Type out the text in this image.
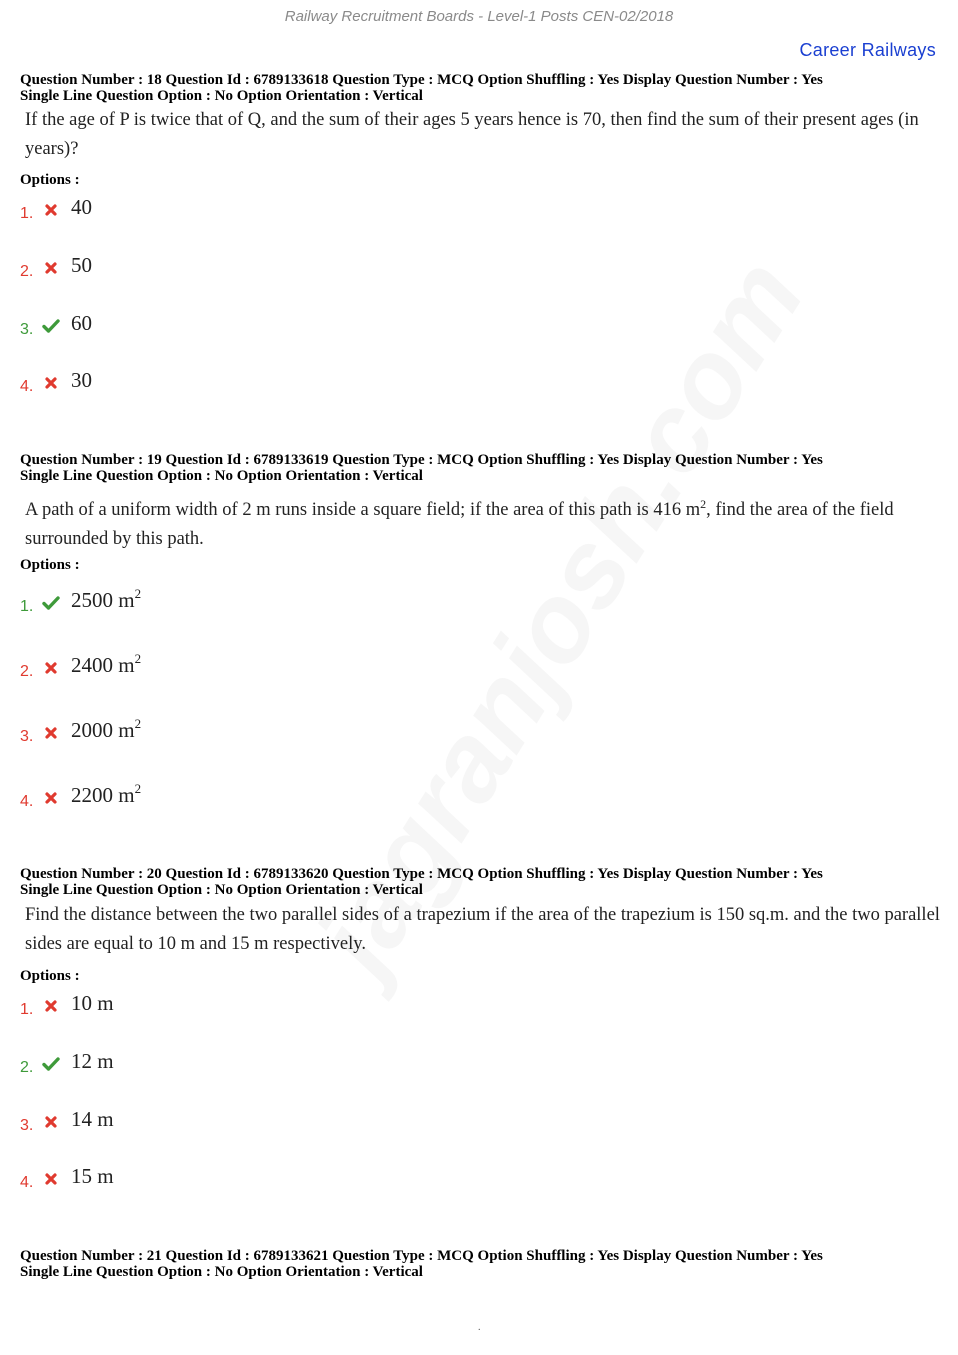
Railway Recruitment Boards - Level-1 Posts CEN-02/2018
Career Railways
Question Number : 18 Question Id : 6789133618 Question Type : MCQ Option Shuffling : Yes Display Question Number : Yes
Single Line Question Option : No Option Orientation : Vertical
If the age of P is twice that of Q, and the sum of their ages 5 years hence is 70, then find the sum of their present ages (in years)?
Options :
1. 40
2. 50
3. 60
4. 30
Question Number : 19 Question Id : 6789133619 Question Type : MCQ Option Shuffling : Yes Display Question Number : Yes
Single Line Question Option : No Option Orientation : Vertical
A path of a uniform width of 2 m runs inside a square field; if the area of this path is 416 $m^2$, find the area of the field surrounded by this path.
Options :
1. 2500 $m^2$
2. 2400 $m^2$
3. 2000 $m^2$
4. 2200 $m^2$
Question Number : 20 Question Id : 6789133620 Question Type : MCQ Option Shuffling : Yes Display Question Number : Yes
Single Line Question Option : No Option Orientation : Vertical
Find the distance between the two parallel sides of a trapezium if the area of the trapezium is 150 sq.m. and the two parallel sides are equal to 10 m and 15 m respectively.
Options :
1. 10 m
2. 12 m
3. 14 m
4. 15 m
Question Number : 21 Question Id : 6789133621 Question Type : MCQ Option Shuffling : Yes Display Question Number : Yes
Single Line Question Option : No Option Orientation : Vertical
.
